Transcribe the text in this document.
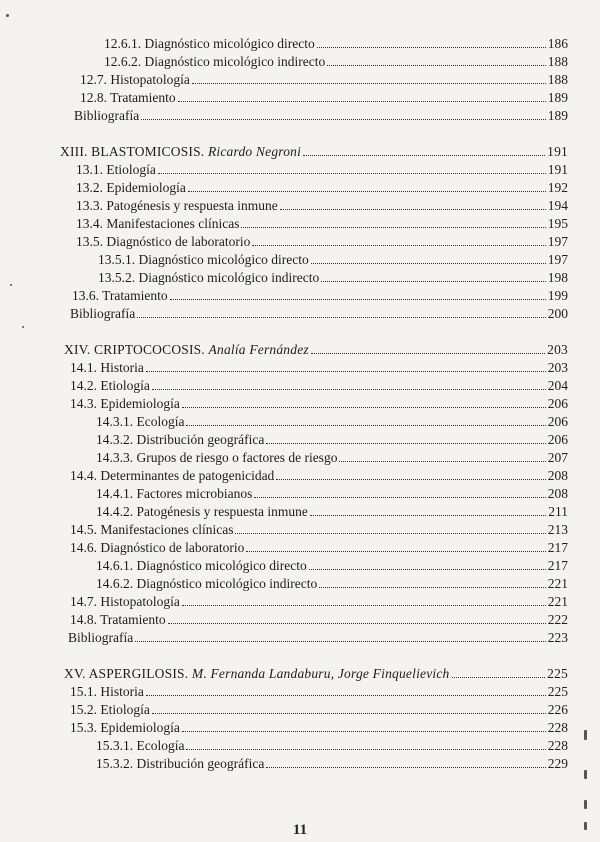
12.6.1. Diagnóstico micológico directo	186
12.6.2. Diagnóstico micológico indirecto	188
12.7. Histopatología	188
12.8. Tratamiento	189
Bibliografía	189
XIII. BLASTOMICOSIS. Ricardo Negroni	191
13.1. Etiología	191
13.2. Epidemiología	192
13.3. Patogénesis y respuesta inmune	194
13.4. Manifestaciones clínicas	195
13.5. Diagnóstico de laboratorio	197
13.5.1. Diagnóstico micológico directo	197
13.5.2. Diagnóstico micológico indirecto	198
13.6. Tratamiento	199
Bibliografía	200
XIV. CRIPTOCOCOSIS. Analía Fernández	203
14.1. Historia	203
14.2. Etiología	204
14.3. Epidemiología	206
14.3.1. Ecología	206
14.3.2. Distribución geográfica	206
14.3.3. Grupos de riesgo o factores de riesgo	207
14.4. Determinantes de patogenicidad	208
14.4.1. Factores microbianos	208
14.4.2. Patogénesis y respuesta inmune	211
14.5. Manifestaciones clínicas	213
14.6. Diagnóstico de laboratorio	217
14.6.1. Diagnóstico micológico directo	217
14.6.2. Diagnóstico micológico indirecto	221
14.7. Histopatología	221
14.8. Tratamiento	222
Bibliografía	223
XV. ASPERGILOSIS. M. Fernanda Landaburu, Jorge Finquelievich	225
15.1. Historia	225
15.2. Etiología	226
15.3. Epidemiología	228
15.3.1. Ecología	228
15.3.2. Distribución geográfica	229
11
